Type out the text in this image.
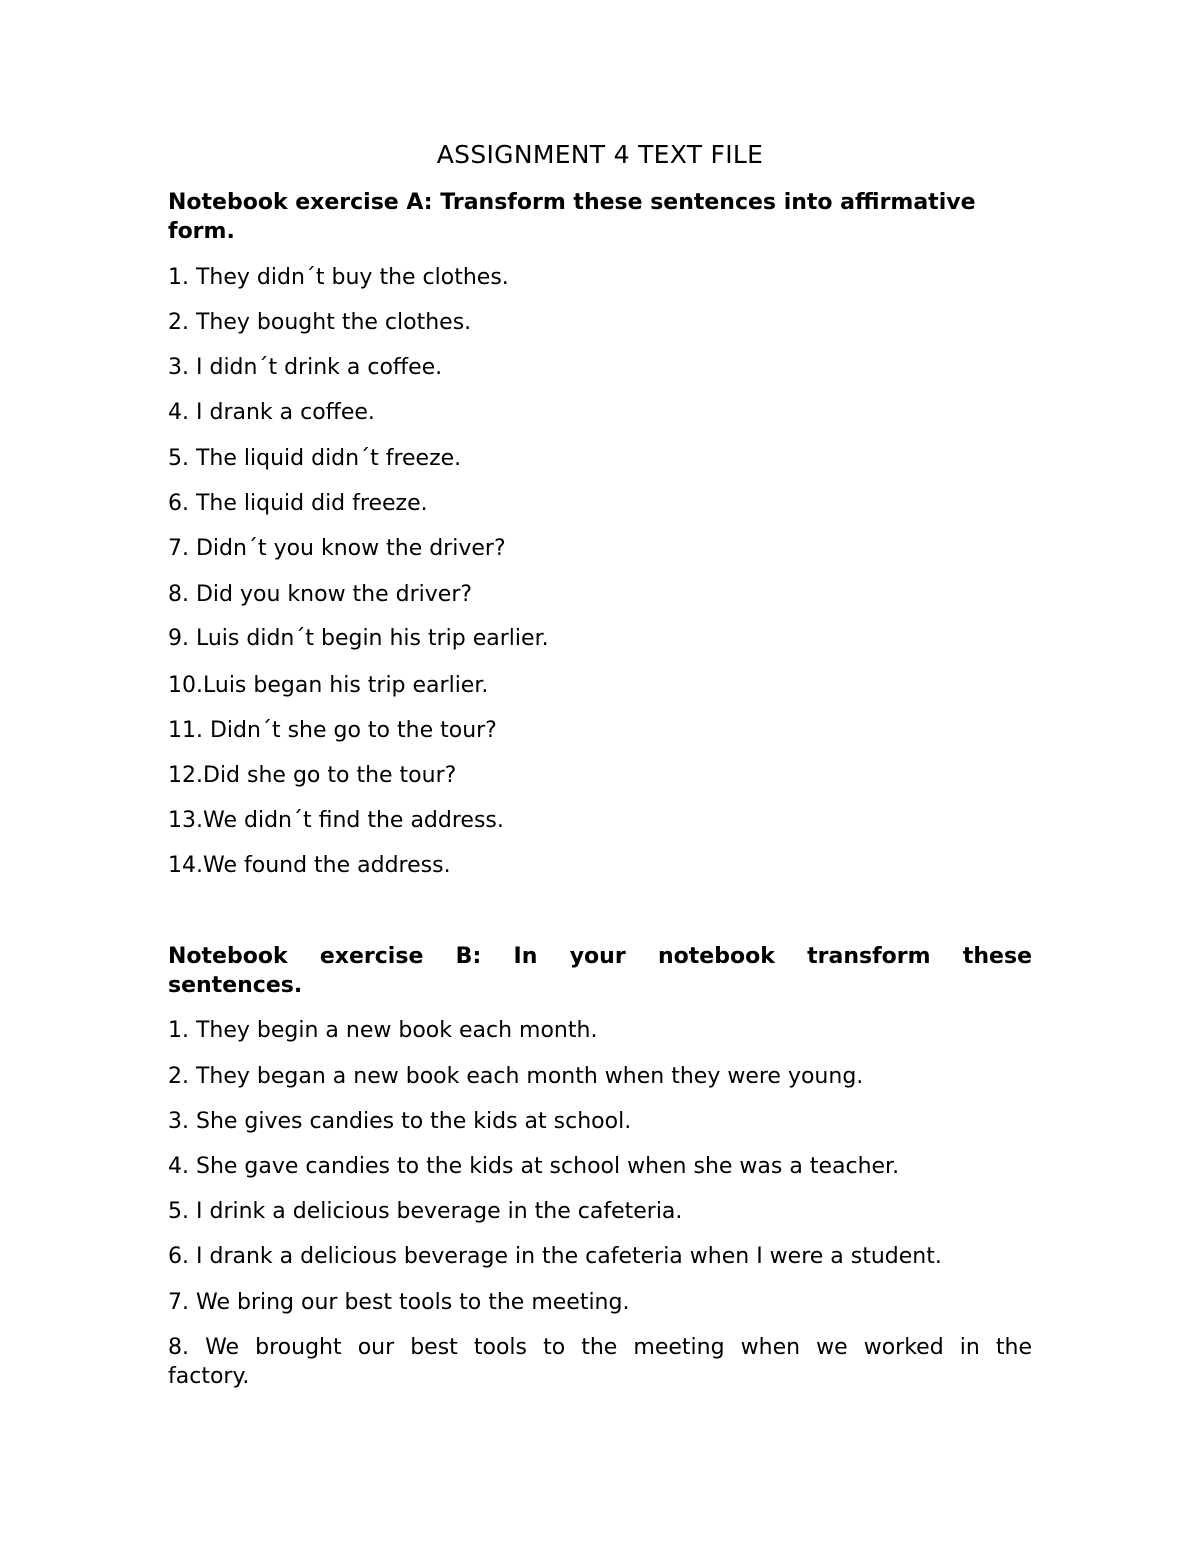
ASSIGNMENT 4 TEXT FILE

Notebook exercise A: Transform these sentences into affirmative
form.

1. They didn´t buy the clothes.

2. They bought the clothes.

3. I didn´t drink a coffee.

4. I drank a coffee.

5. The liquid didn´t freeze.

6. The liquid did freeze.

7. Didn´t you know the driver?

8. Did you know the driver?

9. Luis didn´t begin his trip earlier.

10.Luis began his trip earlier.

11. Didn´t she go to the tour?

12.Did she go to the tour?

13.We didn´t find the address.

14.We found the address.

Notebook exercise B: In your notebook transform these
sentences.

1. They begin a new book each month.

2. They began a new book each month when they were young.

3. She gives candies to the kids at school.

4. She gave candies to the kids at school when she was a teacher.

5. I drink a delicious beverage in the cafeteria.

6. I drank a delicious beverage in the cafeteria when I were a student.

7. We bring our best tools to the meeting.

8. We brought our best tools to the meeting when we worked in the
factory.
